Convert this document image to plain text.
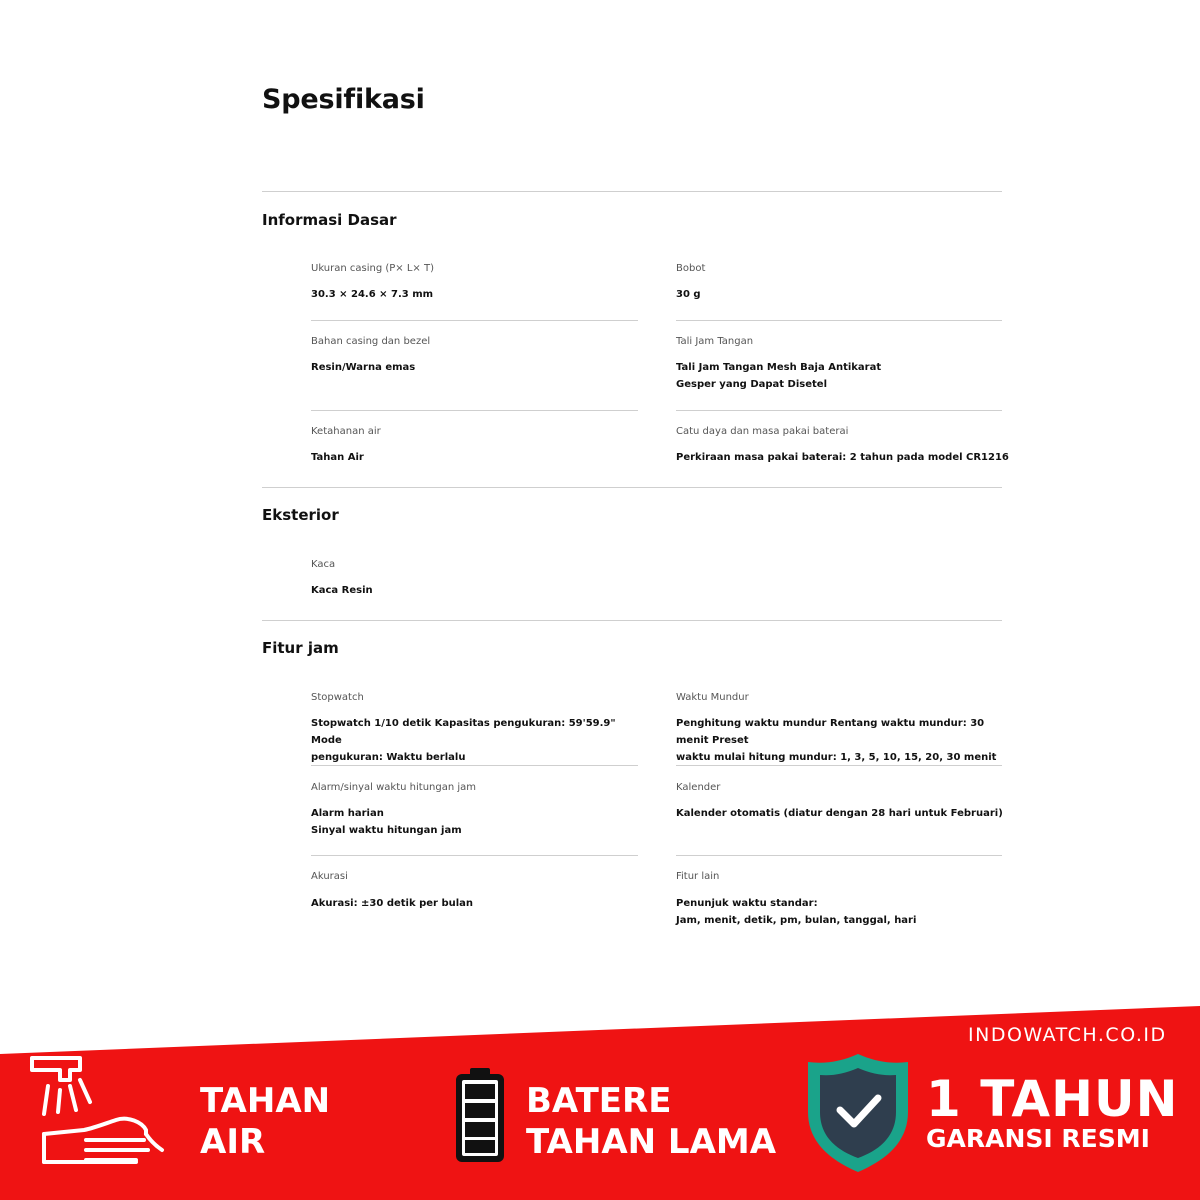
Spesifikasi
Informasi Dasar
Ukuran casing (P× L× T)
30.3 × 24.6 × 7.3 mm
Bobot
30 g
Bahan casing dan bezel
Resin/Warna emas
Tali Jam Tangan
Tali Jam Tangan Mesh Baja Antikarat
Gesper yang Dapat Disetel
Ketahanan air
Tahan Air
Catu daya dan masa pakai baterai
Perkiraan masa pakai baterai: 2 tahun pada model CR1216
Eksterior
Kaca
Kaca Resin
Fitur jam
Stopwatch
Stopwatch 1/10 detik Kapasitas pengukuran: 59'59.9" Mode
pengukuran: Waktu berlalu
Waktu Mundur
Penghitung waktu mundur Rentang waktu mundur: 30 menit Preset
waktu mulai hitung mundur: 1, 3, 5, 10, 15, 20, 30 menit
Alarm/sinyal waktu hitungan jam
Alarm harian
Sinyal waktu hitungan jam
Kalender
Kalender otomatis (diatur dengan 28 hari untuk Februari)
Akurasi
Akurasi: ±30 detik per bulan
Fitur lain
Penunjuk waktu standar:
Jam, menit, detik, pm, bulan, tanggal, hari
INDOWATCH.CO.ID
TAHAN
AIR
BATERE
TAHAN LAMA
1 TAHUN
GARANSI RESMI
